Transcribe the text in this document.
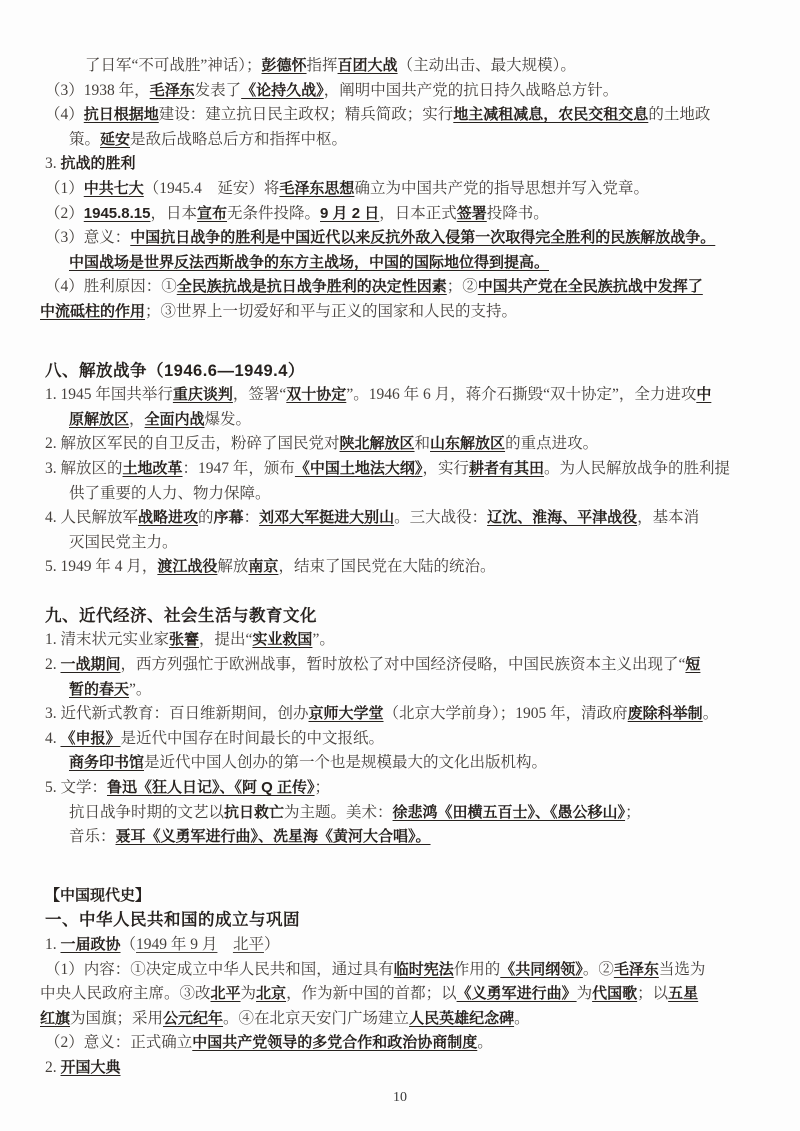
了日军“不可战胜”神话）；彭德怀指挥百团大战（主动出击、最大规模）。
（3）1938 年，毛泽东发表了《论持久战》，阐明中国共产党的抗日持久战略总方针。
（4）抗日根据地建设：建立抗日民主政权；精兵简政；实行地主减租减息，农民交租交息的土地政
策。延安是敌后战略总后方和指挥中枢。
3. 抗战的胜利
（1）中共七大（1945.4　延安）将毛泽东思想确立为中国共产党的指导思想并写入党章。
（2）1945.8.15，日本宣布无条件投降。9 月 2 日，日本正式签署投降书。
（3）意义：中国抗日战争的胜利是中国近代以来反抗外敌入侵第一次取得完全胜利的民族解放战争。
中国战场是世界反法西斯战争的东方主战场，中国的国际地位得到提高。
（4）胜利原因：①全民族抗战是抗日战争胜利的决定性因素；②中国共产党在全民族抗战中发挥了
中流砥柱的作用；③世界上一切爱好和平与正义的国家和人民的支持。
八、解放战争（1946.6—1949.4）
1. 1945 年国共举行重庆谈判，签署“双十协定”。1946 年 6 月，蒋介石撕毁“双十协定”，全力进攻中
原解放区，全面内战爆发。
2. 解放区军民的自卫反击，粉碎了国民党对陕北解放区和山东解放区的重点进攻。
3. 解放区的土地改革：1947 年，颁布《中国土地法大纲》，实行耕者有其田。为人民解放战争的胜利提
供了重要的人力、物力保障。
4. 人民解放军战略进攻的序幕：刘邓大军挺进大别山。三大战役：辽沈、淮海、平津战役，基本消
灭国民党主力。
5. 1949 年 4 月，渡江战役解放南京，结束了国民党在大陆的统治。
九、近代经济、社会生活与教育文化
1. 清末状元实业家张謇，提出“实业救国”。
2. 一战期间，西方列强忙于欧洲战事，暂时放松了对中国经济侵略，中国民族资本主义出现了“短
暂的春天”。
3. 近代新式教育：百日维新期间，创办京师大学堂（北京大学前身）；1905 年，清政府废除科举制。
4. 《申报》是近代中国存在时间最长的中文报纸。
商务印书馆是近代中国人创办的第一个也是规模最大的文化出版机构。
5. 文学：鲁迅《狂人日记》、《阿 Q 正传》；
抗日战争时期的文艺以抗日救亡为主题。美术：徐悲鸿《田横五百士》、《愚公移山》；
音乐：聂耳《义勇军进行曲》、冼星海《黄河大合唱》。
【中国现代史】
一、中华人民共和国的成立与巩固
1. 一届政协（1949 年 9 月　 北平）
（1）内容：①决定成立中华人民共和国，通过具有临时宪法作用的《共同纲领》。②毛泽东当选为
中央人民政府主席。③改北平为北京，作为新中国的首都；以《义勇军进行曲》为代国歌；以五星
红旗为国旗；采用公元纪年。④在北京天安门广场建立人民英雄纪念碑。
（2）意义：正式确立中国共产党领导的多党合作和政治协商制度。
2. 开国大典
10
